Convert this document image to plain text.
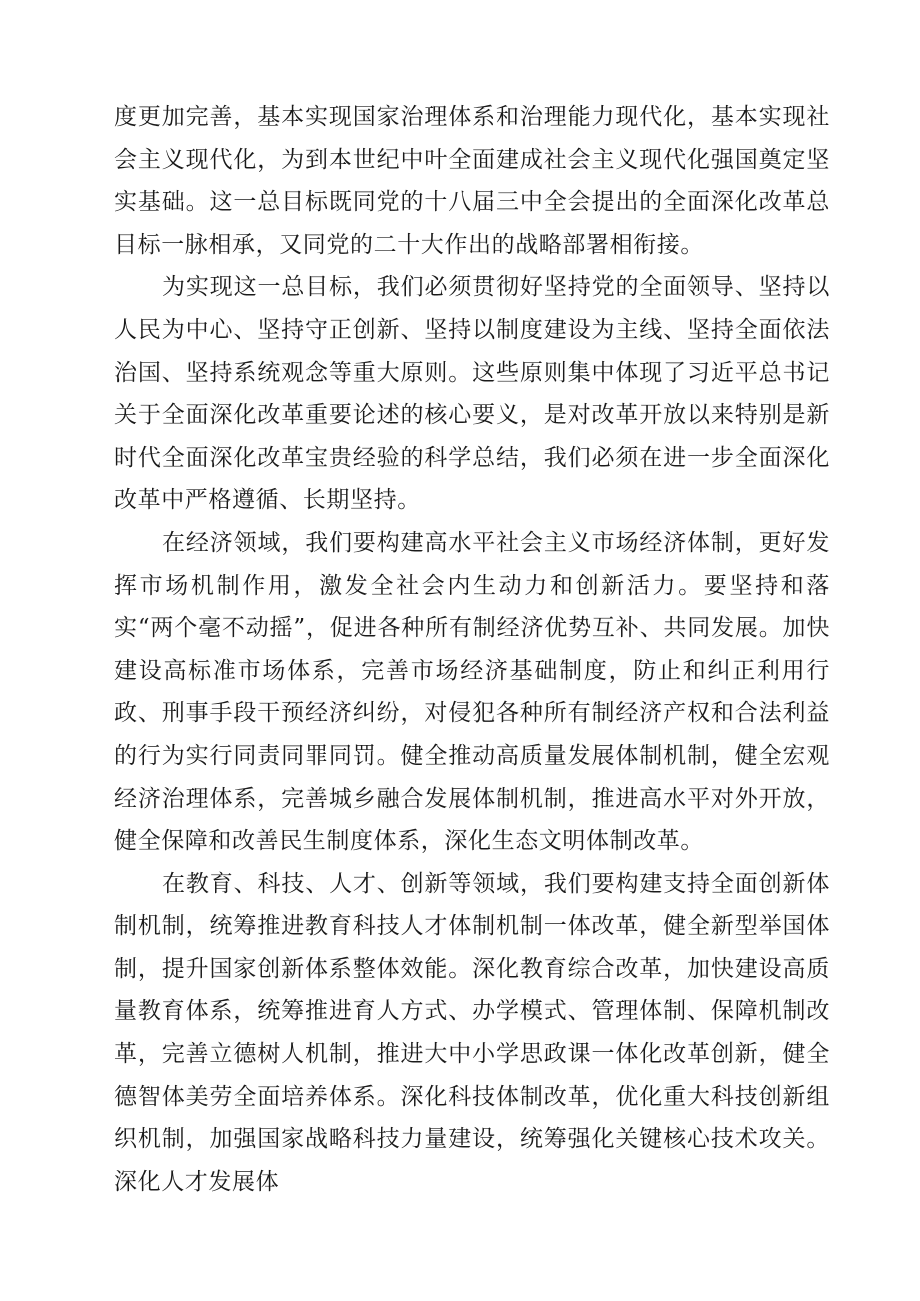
度更加完善，基本实现国家治理体系和治理能力现代化，基本实现社会主义现代化，为到本世纪中叶全面建成社会主义现代化强国奠定坚实基础。这一总目标既同党的十八届三中全会提出的全面深化改革总目标一脉相承，又同党的二十大作出的战略部署相衔接。

为实现这一总目标，我们必须贯彻好坚持党的全面领导、坚持以人民为中心、坚持守正创新、坚持以制度建设为主线、坚持全面依法治国、坚持系统观念等重大原则。这些原则集中体现了习近平总书记关于全面深化改革重要论述的核心要义，是对改革开放以来特别是新时代全面深化改革宝贵经验的科学总结，我们必须在进一步全面深化改革中严格遵循、长期坚持。

在经济领域，我们要构建高水平社会主义市场经济体制，更好发挥市场机制作用，激发全社会内生动力和创新活力。要坚持和落实“两个毫不动摇”，促进各种所有制经济优势互补、共同发展。加快建设高标准市场体系，完善市场经济基础制度，防止和纠正利用行政、刑事手段干预经济纠纷，对侵犯各种所有制经济产权和合法利益的行为实行同责同罪同罚。健全推动高质量发展体制机制，健全宏观经济治理体系，完善城乡融合发展体制机制，推进高水平对外开放，健全保障和改善民生制度体系，深化生态文明体制改革。

在教育、科技、人才、创新等领域，我们要构建支持全面创新体制机制，统筹推进教育科技人才体制机制一体改革，健全新型举国体制，提升国家创新体系整体效能。深化教育综合改革，加快建设高质量教育体系，统筹推进育人方式、办学模式、管理体制、保障机制改革，完善立德树人机制，推进大中小学思政课一体化改革创新，健全德智体美劳全面培养体系。深化科技体制改革，优化重大科技创新组织机制，加强国家战略科技力量建设，统筹强化关键核心技术攻关。深化人才发展体
